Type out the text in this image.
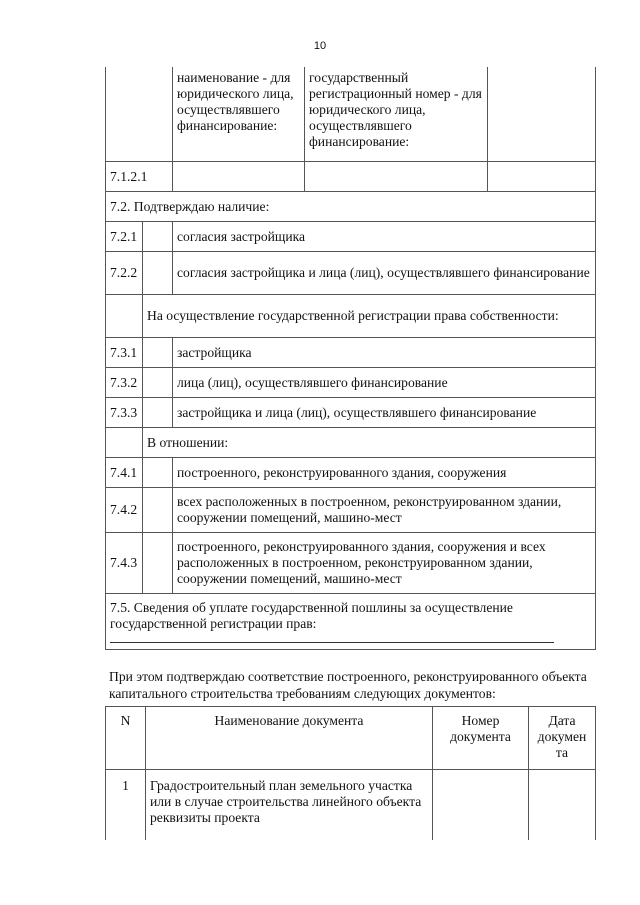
10
		наименование - для юридического лица, осуществлявшего финансирование:	государственный регистрационный номер - для юридического лица, осуществлявшего финансирование:	
7.1.2.1				
7.2. Подтверждаю наличие:				
7.2.1		согласия застройщика		
7.2.2		согласия застройщика и лица (лиц), осуществлявшего финансирование		
	На осуществление государственной регистрации права собственности:			
7.3.1		застройщика		
7.3.2		лица (лиц), осуществлявшего финансирование		
7.3.3		застройщика и лица (лиц), осуществлявшего финансирование		
	В отношении:			
7.4.1		построенного, реконструированного здания, сооружения		
7.4.2		всех расположенных в построенном, реконструированном здании, сооружении помещений, машино-мест		
7.4.3		построенного, реконструированного здания, сооружения и всех расположенных в построенном, реконструированном здании, сооружении помещений, машино-мест		
7.5. Сведения об уплате государственной пошлины за осуществление государственной регистрации прав:				
При этом подтверждаю соответствие построенного, реконструированного объекта капитального строительства требованиям следующих документов:
N	Наименование документа	Номер документа	Дата докумен та
1	Градостроительный план земельного участка или в случае строительства линейного объекта реквизиты проекта		
